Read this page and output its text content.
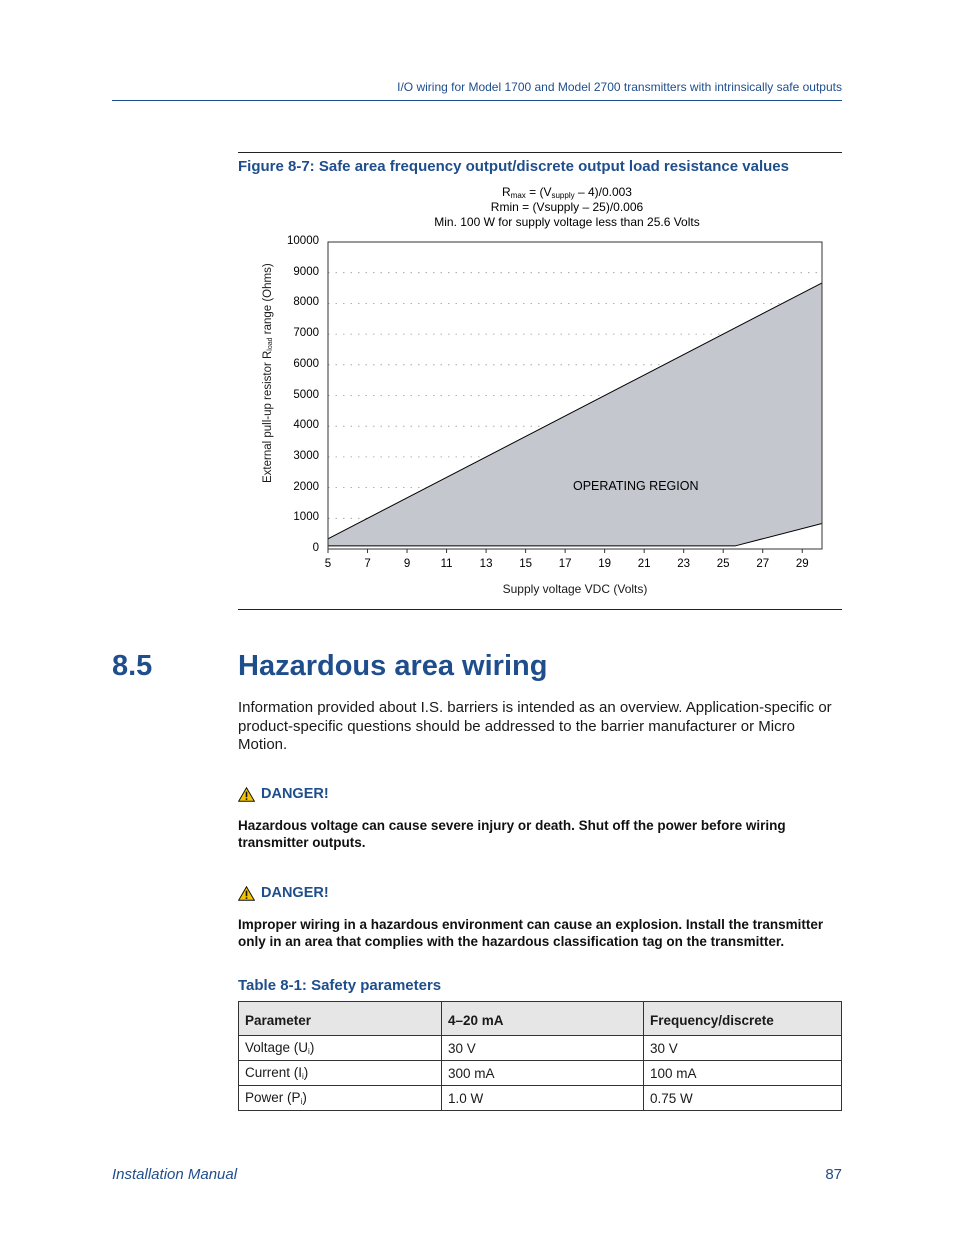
I/O wiring for Model 1700 and Model 2700 transmitters with intrinsically safe outputs
Figure 8-7: Safe area frequency output/discrete output load resistance values
$R_{max} = (V_{supply} - 4)/0.003$
Rmin = (Vsupply – 25)/0.006
Min. 100 W for supply voltage less than 25.6 Volts
0
1000
2000
3000
4000
5000
6000
7000
8000
9000
10000
5	7	9	11	13	15	17	19	21	23	25	27	29
External pull-up resistor $R_{load}$ range (Ohms)
Supply voltage VDC (Volts)
OPERATING REGION
8.5	Hazardous area wiring
Information provided about I.S. barriers is intended as an overview. Application-specific or product-specific questions should be addressed to the barrier manufacturer or Micro Motion.
DANGER!
Hazardous voltage can cause severe injury or death. Shut off the power before wiring transmitter outputs.
DANGER!
Improper wiring in a hazardous environment can cause an explosion. Install the transmitter only in an area that complies with the hazardous classification tag on the transmitter.
Table 8-1: Safety parameters
Parameter	4–20 mA	Frequency/discrete
Voltage $(U_i)$	30 V	30 V
Current $(I_i)$	300 mA	100 mA
Power $(P_i)$	1.0 W	0.75 W
Installation Manual	87
